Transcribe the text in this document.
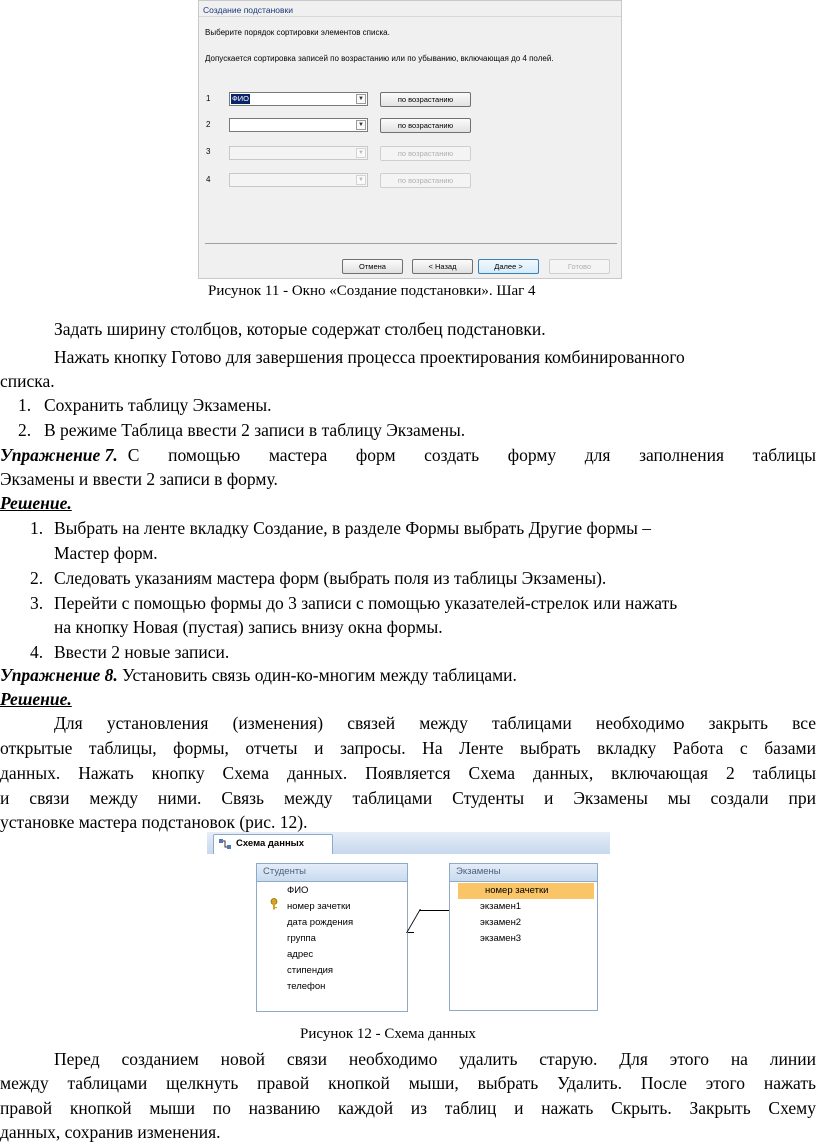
Создание подстановки
Выберите порядок сортировки элементов списка.
Допускается сортировка записей по возрастанию или по убыванию, включающая до 4 полей.
1	ФИО	▼	по возрастанию
2	▼	по возрастанию
3	▼	по возрастанию
4	▼	по возрастанию
Отмена	< Назад	Далее >	Готово
Рисунок 11 - Окно «Создание подстановки». Шаг 4
Задать ширину столбцов, которые содержат столбец подстановки.
Нажать кнопку Готово для завершения процесса проектирования комбинированного
списка.
1. Сохранить таблицу Экзамены.
2. В режиме Таблица ввести 2 записи в таблицу Экзамены.
Упражнение 7. С помощью мастера форм создать форму для заполнения таблицы
Экзамены и ввести 2 записи в форму.
Решение.
1. Выбрать на ленте вкладку Создание, в разделе Формы выбрать Другие формы –
Мастер форм.
2. Следовать указаниям мастера форм (выбрать поля из таблицы Экзамены).
3. Перейти с помощью формы до 3 записи с помощью указателей-стрелок или нажать
на кнопку Новая (пустая) запись внизу окна формы.
4. Ввести 2 новые записи.
Упражнение 8. Установить связь один-ко-многим между таблицами.
Решение.
Для установления (изменения) связей между таблицами необходимо закрыть все
открытые таблицы, формы, отчеты и запросы. На Ленте выбрать вкладку Работа с базами
данных. Нажать кнопку Схема данных. Появляется Схема данных, включающая 2 таблицы
и связи между ними. Связь между таблицами Студенты и Экзамены мы создали при
установке мастера подстановок (рис. 12).
Схема данных
Студенты
ФИО
номер зачетки
дата рождения
группа
адрес
стипендия
телефон
Экзамены
номер зачетки
экзамен1
экзамен2
экзамен3
Рисунок 12 - Схема данных
Перед созданием новой связи необходимо удалить старую. Для этого на линии
между таблицами щелкнуть правой кнопкой мыши, выбрать Удалить. После этого нажать
правой кнопкой мыши по названию каждой из таблиц и нажать Скрыть. Закрыть Схему
данных, сохранив изменения.
